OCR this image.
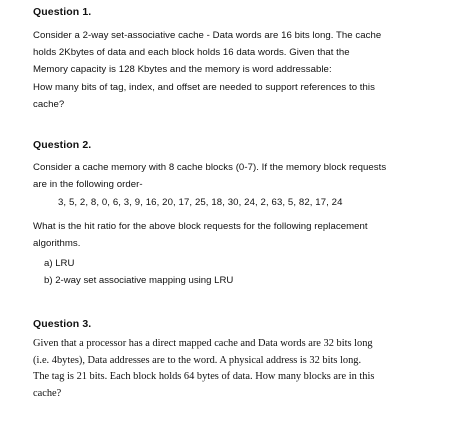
Question 1.
Consider a 2-way set-associative cache - Data words are 16 bits long. The cache
holds 2Kbytes of data and each block holds 16 data words. Given that the
Memory capacity is 128 Kbytes and the memory is word addressable:
How many bits of tag, index, and offset are needed to support references to this
cache?
Question 2.
Consider a cache memory with 8 cache blocks (0-7). If the memory block requests
are in the following order-
3, 5, 2, 8, 0, 6, 3, 9, 16, 20, 17, 25, 18, 30, 24, 2, 63, 5, 82, 17, 24
What is the hit ratio for the above block requests for the following replacement
algorithms.
a) LRU
b) 2-way set associative mapping using LRU
Question 3.
Given that a processor has a direct mapped cache and Data words are 32 bits long
(i.e. 4bytes), Data addresses are to the word. A physical address is 32 bits long.
The tag is 21 bits. Each block holds 64 bytes of data. How many blocks are in this
cache?
